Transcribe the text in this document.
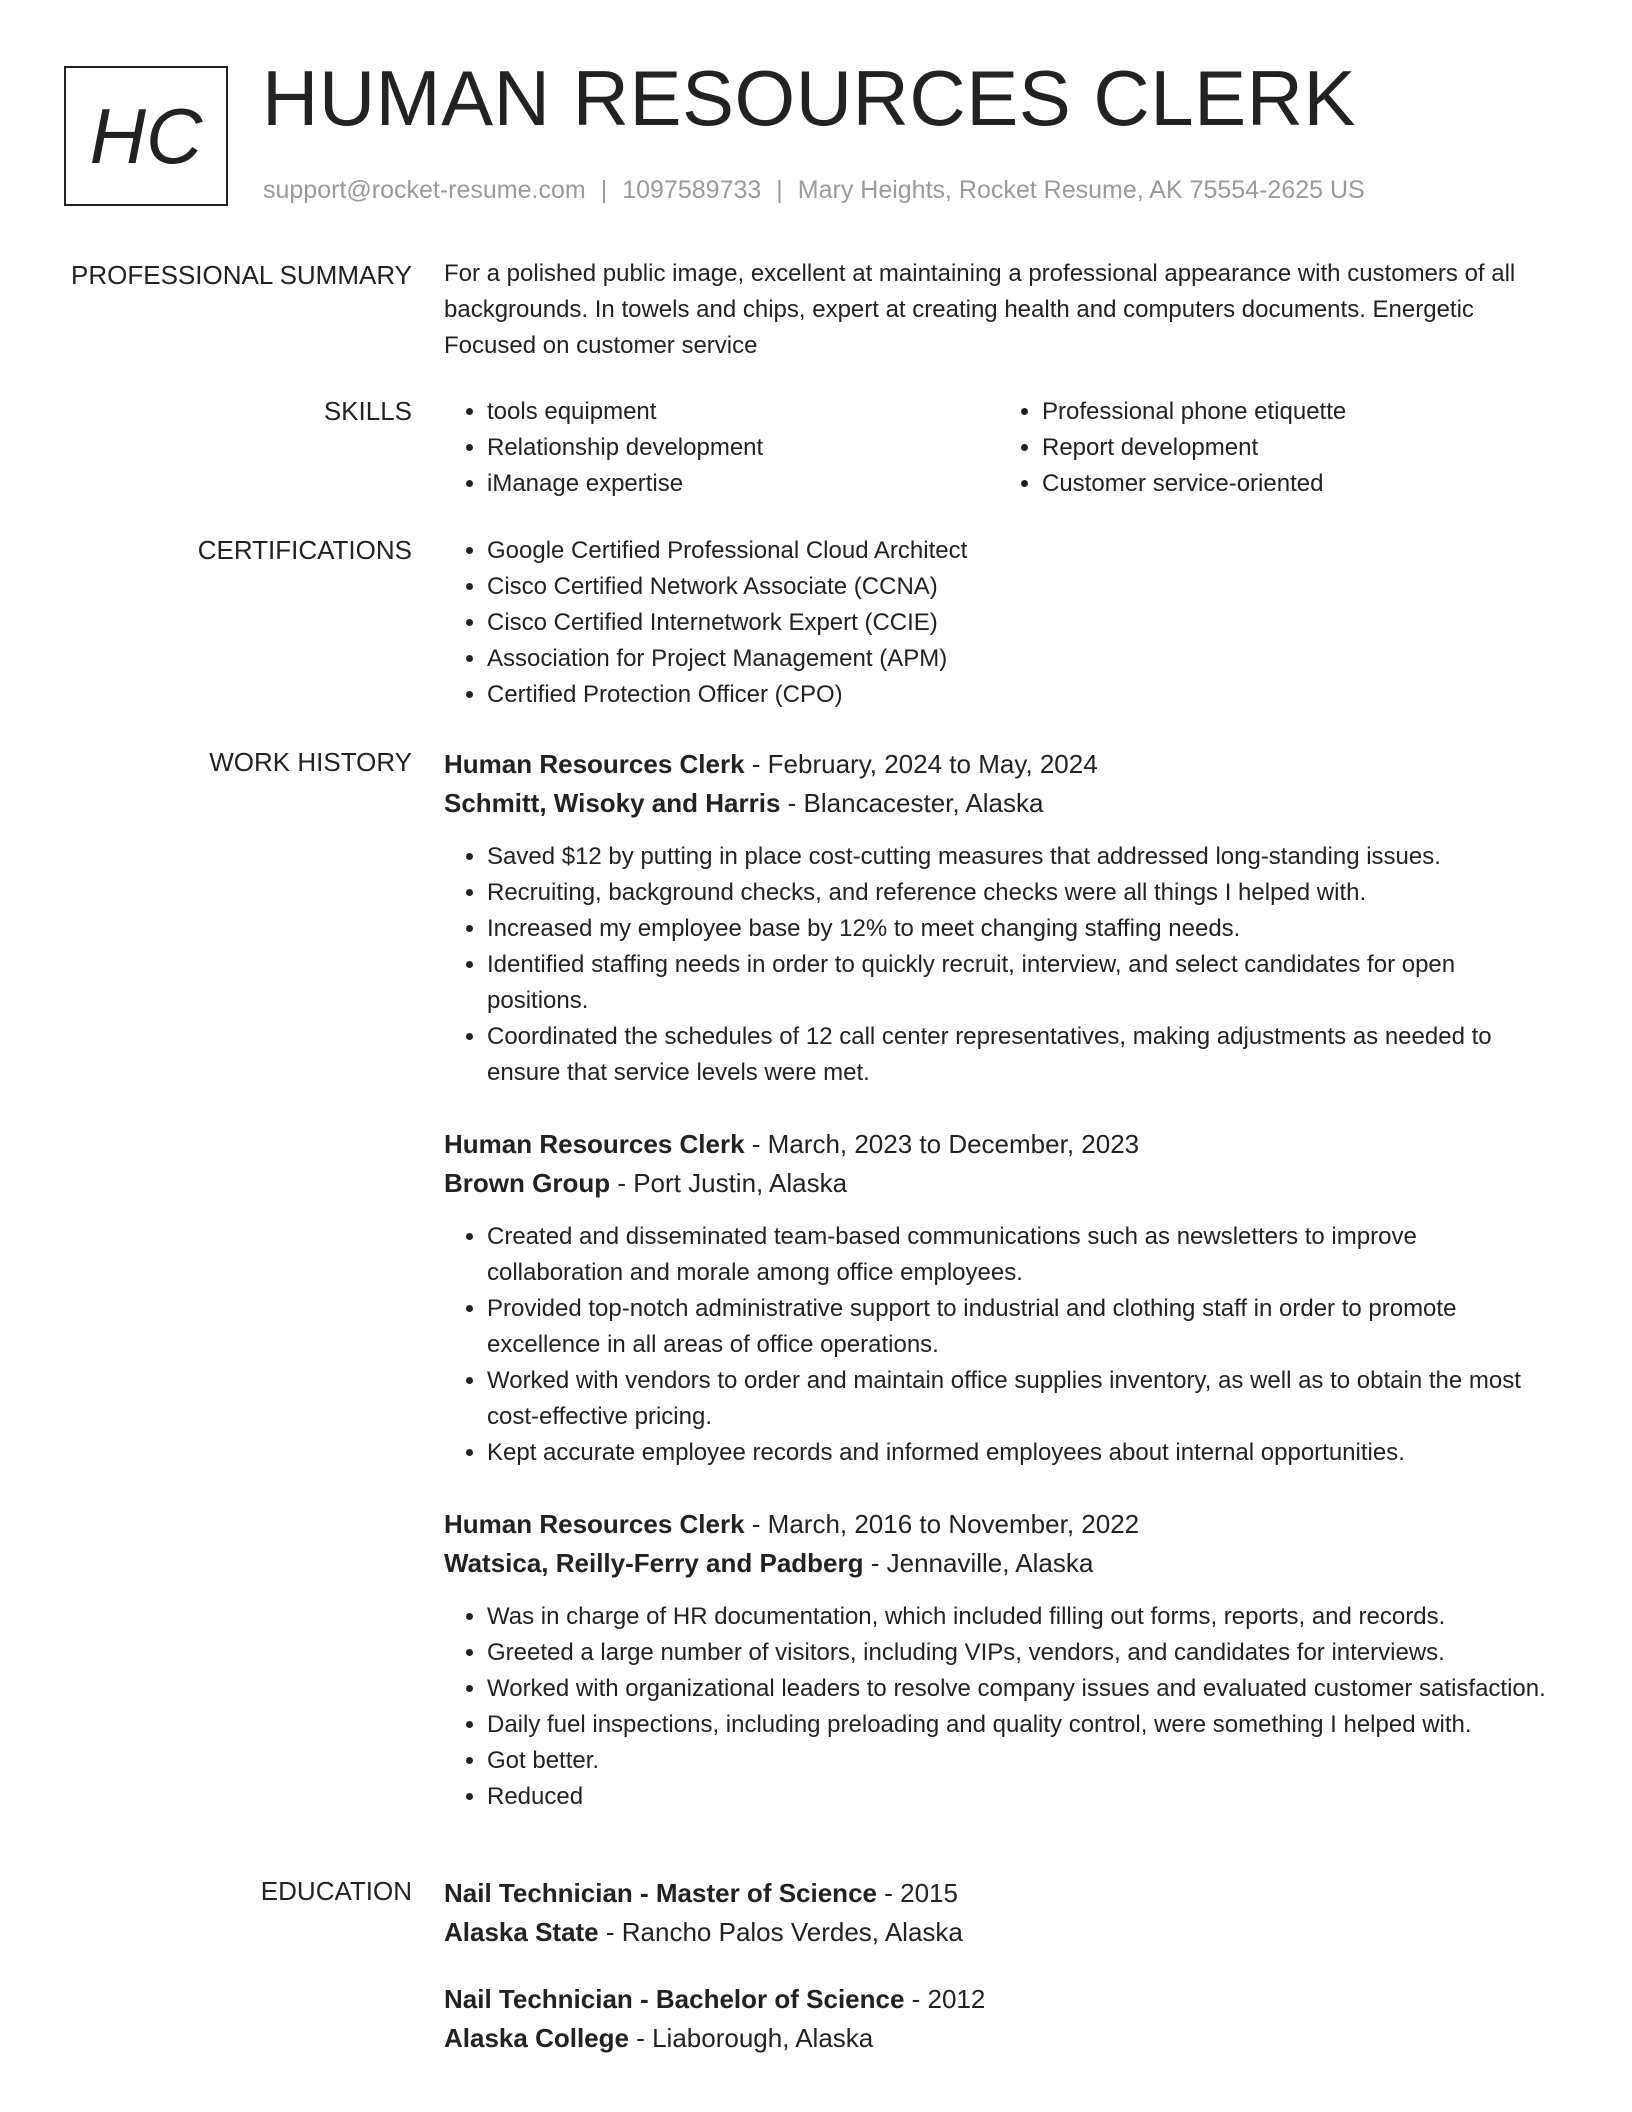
HC HUMAN RESOURCES CLERK
support@rocket-resume.com | 1097589733 | Mary Heights, Rocket Resume, AK 75554-2625 US
PROFESSIONAL SUMMARY For a polished public image, excellent at maintaining a professional appearance with customers of all backgrounds. In towels and chips, expert at creating health and computers documents. Energetic Focused on customer service
SKILLS	• tools equipment
• Relationship development
• iManage expertise
• Professional phone etiquette
• Report development
• Customer service-oriented
CERTIFICATIONS	• Google Certified Professional Cloud Architect
• Cisco Certified Network Associate (CCNA)
• Cisco Certified Internetwork Expert (CCIE)
• Association for Project Management (APM)
• Certified Protection Officer (CPO)
WORK HISTORY Human Resources Clerk - February, 2024 to May, 2024
Schmitt, Wisoky and Harris - Blancacester, Alaska
• Saved $12 by putting in place cost-cutting measures that addressed long-standing issues.
• Recruiting, background checks, and reference checks were all things I helped with.
• Increased my employee base by 12% to meet changing staffing needs.
• Identified staffing needs in order to quickly recruit, interview, and select candidates for open positions.
• Coordinated the schedules of 12 call center representatives, making adjustments as needed to ensure that service levels were met.
Human Resources Clerk - March, 2023 to December, 2023
Brown Group - Port Justin, Alaska
• Created and disseminated team-based communications such as newsletters to improve collaboration and morale among office employees.
• Provided top-notch administrative support to industrial and clothing staff in order to promote excellence in all areas of office operations.
• Worked with vendors to order and maintain office supplies inventory, as well as to obtain the most cost-effective pricing.
• Kept accurate employee records and informed employees about internal opportunities.
Human Resources Clerk - March, 2016 to November, 2022
Watsica, Reilly-Ferry and Padberg - Jennaville, Alaska
• Was in charge of HR documentation, which included filling out forms, reports, and records.
• Greeted a large number of visitors, including VIPs, vendors, and candidates for interviews.
• Worked with organizational leaders to resolve company issues and evaluated customer satisfaction.
• Daily fuel inspections, including preloading and quality control, were something I helped with.
• Got better.
• Reduced
EDUCATION Nail Technician - Master of Science - 2015
Alaska State - Rancho Palos Verdes, Alaska
Nail Technician - Bachelor of Science - 2012
Alaska College - Liaborough, Alaska
